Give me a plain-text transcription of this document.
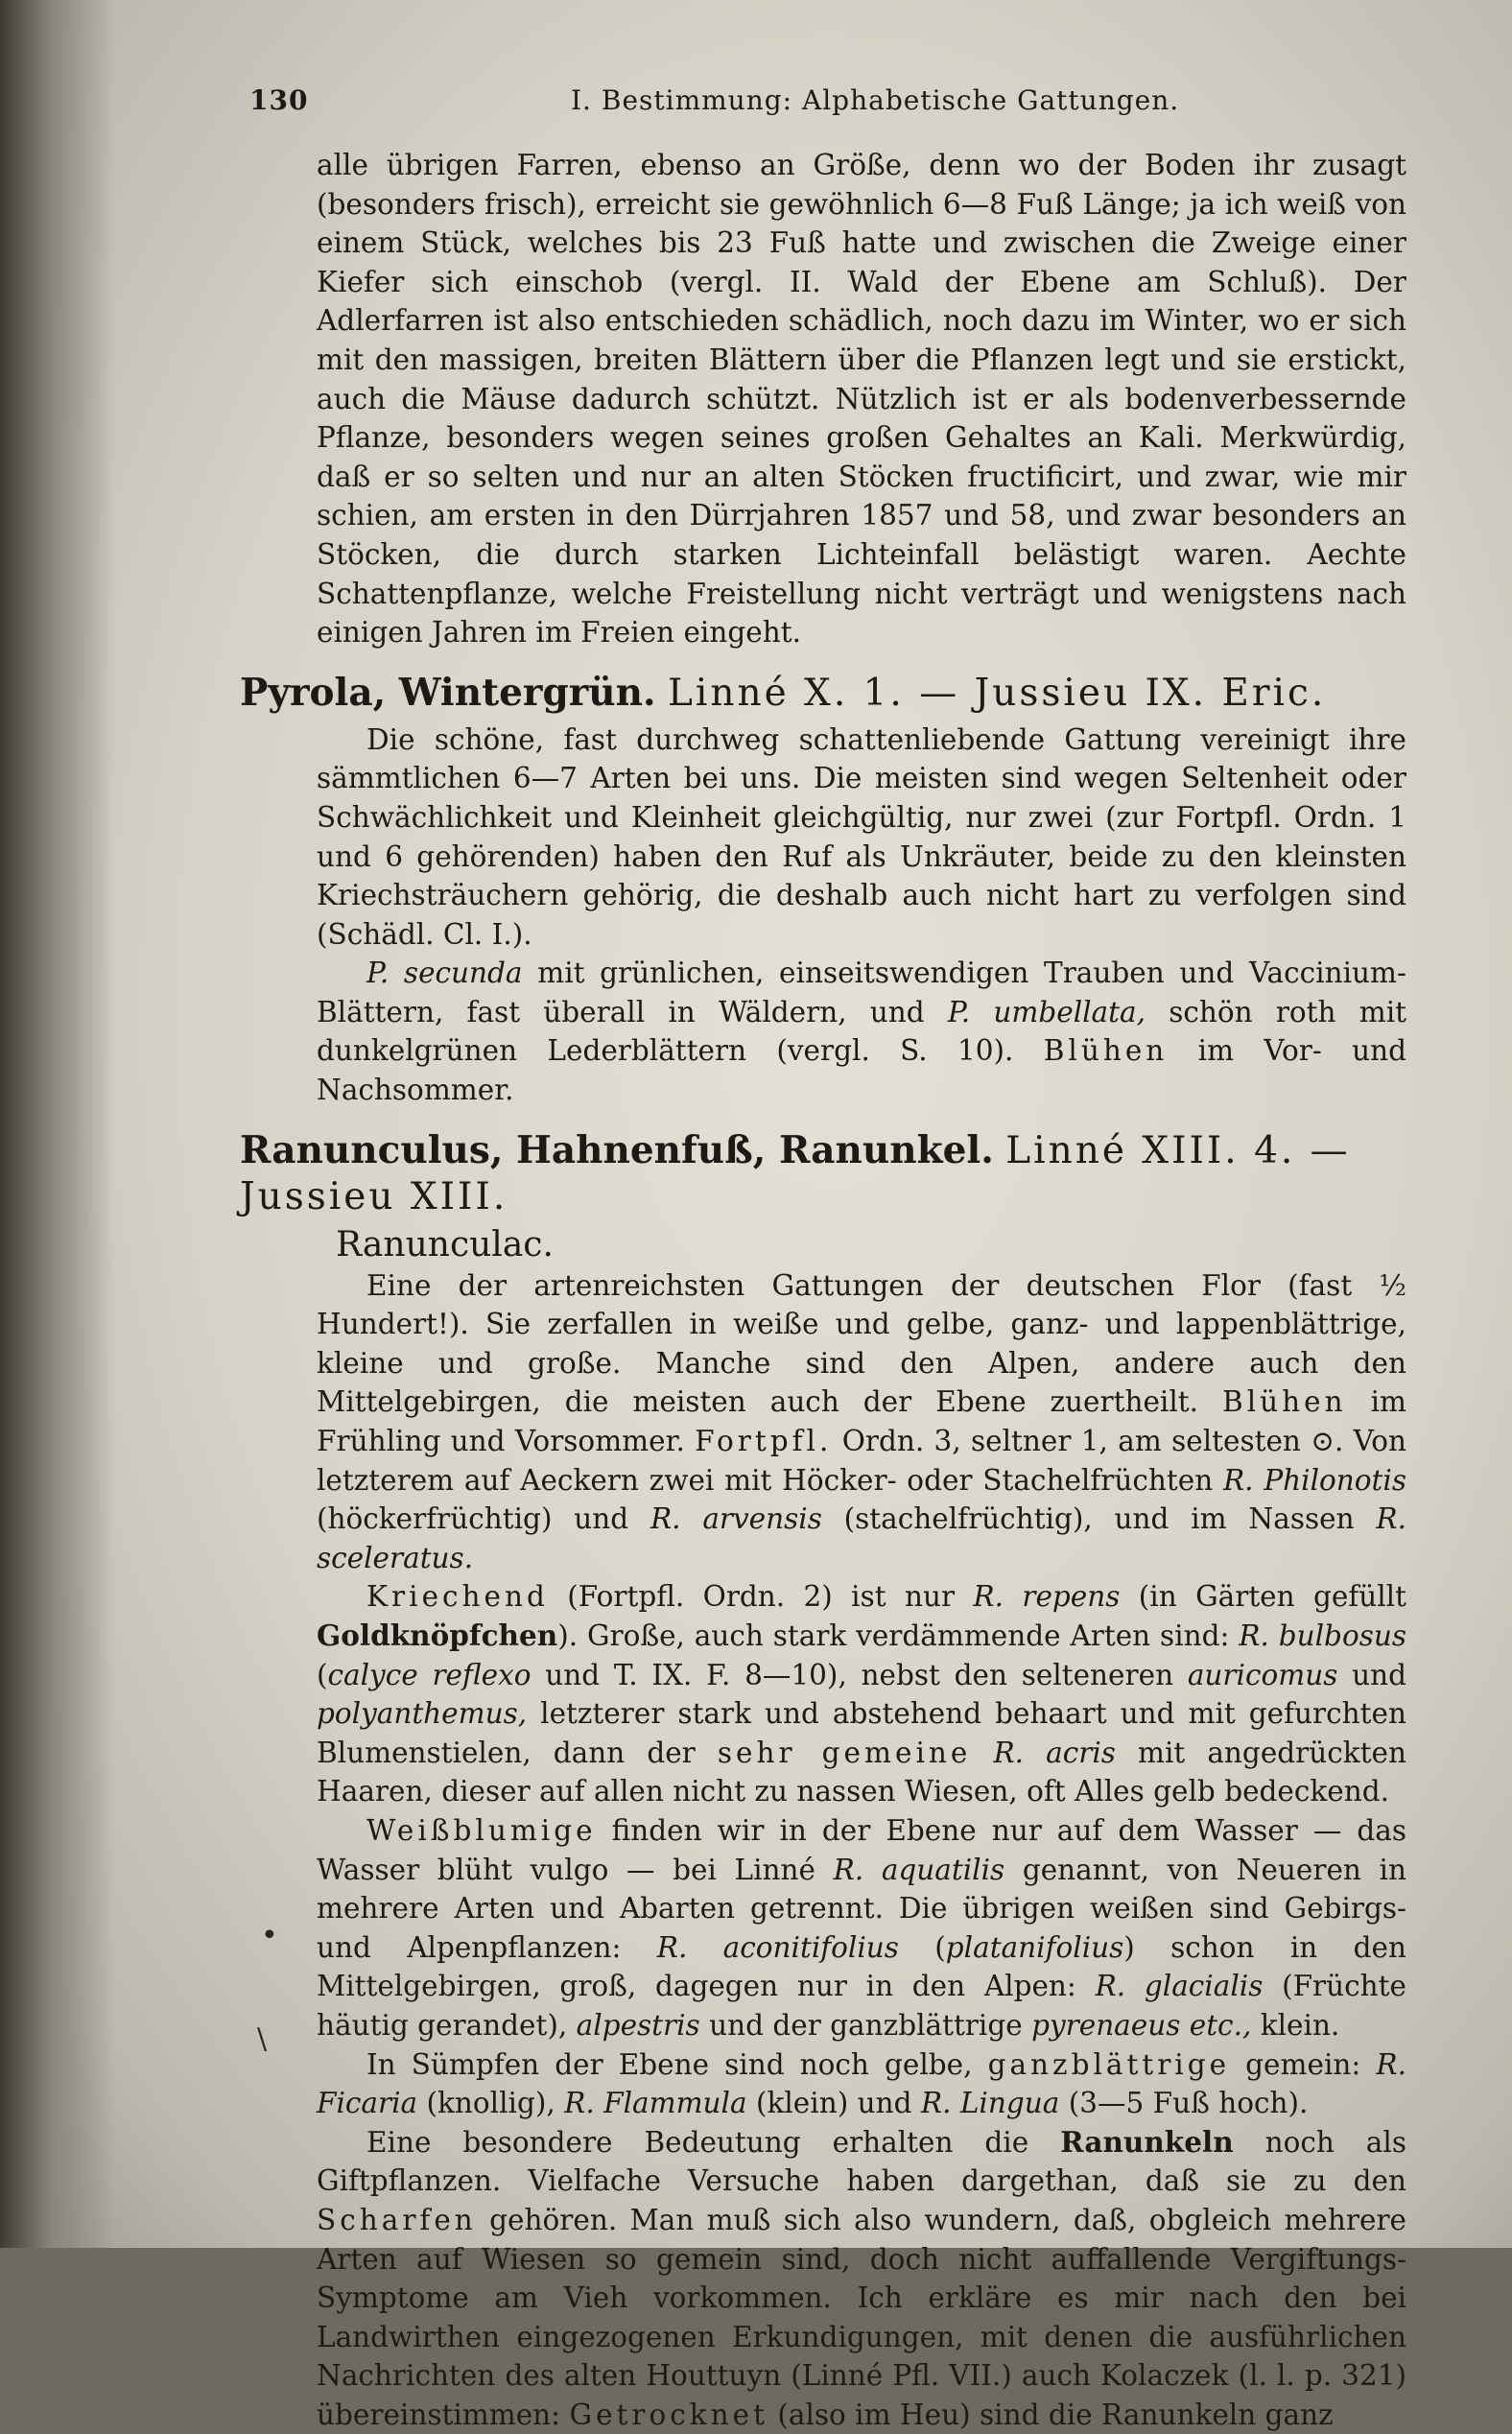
130	I. Bestimmung: Alphabetische Gattungen.

alle übrigen Farren, ebenso an Größe, denn wo der Boden ihr zusagt (besonders frisch), erreicht sie gewöhnlich 6—8 Fuß Länge; ja ich weiß von einem Stück, welches bis 23 Fuß hatte und zwischen die Zweige einer Kiefer sich einschob (vergl. II. Wald der Ebene am Schluß). Der Adlerfarren ist also entschieden schädlich, noch dazu im Winter, wo er sich mit den massigen, breiten Blättern über die Pflanzen legt und sie erstickt, auch die Mäuse dadurch schützt. Nützlich ist er als bodenverbessernde Pflanze, besonders wegen seines großen Gehaltes an Kali. Merkwürdig, daß er so selten und nur an alten Stöcken fructificirt, und zwar, wie mir schien, am ersten in den Dürrjahren 1857 und 58, und zwar besonders an Stöcken, die durch starken Lichteinfall belästigt waren. Aechte Schattenpflanze, welche Freistellung nicht verträgt und wenigstens nach einigen Jahren im Freien eingeht.

Pyrola, Wintergrün. Linné X. 1. — Jussieu IX. Eric.

Die schöne, fast durchweg schattenliebende Gattung vereinigt ihre sämmtlichen 6—7 Arten bei uns. Die meisten sind wegen Seltenheit oder Schwächlichkeit und Kleinheit gleichgültig, nur zwei (zur Fortpfl. Ordn. 1 und 6 gehörenden) haben den Ruf als Unkräuter, beide zu den kleinsten Kriechsträuchern gehörig, die deshalb auch nicht hart zu verfolgen sind (Schädl. Cl. I.).

P. secunda mit grünlichen, einseitswendigen Trauben und Vaccinium-Blättern, fast überall in Wäldern, und P. umbellata, schön roth mit dunkelgrünen Lederblättern (vergl. S. 10). Blühen im Vor- und Nachsommer.

Ranunculus, Hahnenfuß, Ranunkel. Linné XIII. 4. — Jussieu XIII.
Ranunculac.

Eine der artenreichsten Gattungen der deutschen Flor (fast ½ Hundert!). Sie zerfallen in weiße und gelbe, ganz- und lappenblättrige, kleine und große. Manche sind den Alpen, andere auch den Mittelgebirgen, die meisten auch der Ebene zuertheilt. Blühen im Frühling und Vorsommer. Fortpfl. Ordn. 3, seltner 1, am seltesten ⊙. Von letzterem auf Aeckern zwei mit Höcker- oder Stachelfrüchten R. Philonotis (höckerfrüchtig) und R. arvensis (stachelfrüchtig), und im Nassen R. sceleratus.

Kriechend (Fortpfl. Ordn. 2) ist nur R. repens (in Gärten gefüllt Goldknöpfchen). Große, auch stark verdämmende Arten sind: R. bulbosus (calyce reflexo und T. IX. F. 8—10), nebst den selteneren auricomus und polyanthemus, letzterer stark und abstehend behaart und mit gefurchten Blumenstielen, dann der sehr gemeine R. acris mit angedrückten Haaren, dieser auf allen nicht zu nassen Wiesen, oft Alles gelb bedeckend.

Weißblumige finden wir in der Ebene nur auf dem Wasser — das Wasser blüht vulgo — bei Linné R. aquatilis genannt, von Neueren in mehrere Arten und Abarten getrennt. Die übrigen weißen sind Gebirgs- und Alpenpflanzen: R. aconitifolius (platanifolius) schon in den Mittelgebirgen, groß, dagegen nur in den Alpen: R. glacialis (Früchte häutig gerandet), alpestris und der ganzblättrige pyrenaeus etc., klein.

In Sümpfen der Ebene sind noch gelbe, ganzblättrige gemein: R. Ficaria (knollig), R. Flammula (klein) und R. Lingua (3—5 Fuß hoch).

Eine besondere Bedeutung erhalten die Ranunkeln noch als Giftpflanzen. Vielfache Versuche haben dargethan, daß sie zu den Scharfen gehören. Man muß sich also wundern, daß, obgleich mehrere Arten auf Wiesen so gemein sind, doch nicht auffallende Vergiftungs-Symptome am Vieh vorkommen. Ich erkläre es mir nach den bei Landwirthen eingezogenen Erkundigungen, mit denen die ausführlichen Nachrichten des alten Houttuyn (Linné Pfl. VII.) auch Kolaczek (l. l. p. 321) übereinstimmen: Getrocknet (also im Heu) sind die Ranunkeln ganz

•
\
